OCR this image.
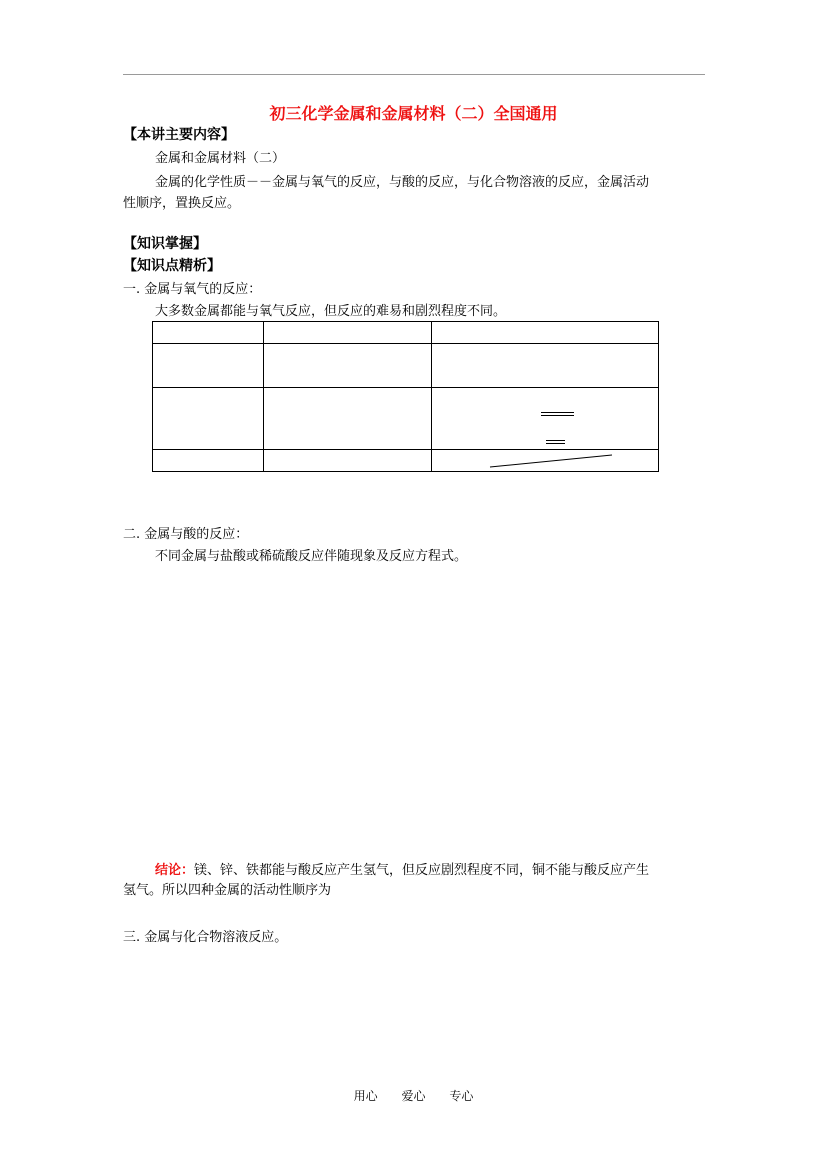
初三化学金属和金属材料（二）全国通用
【本讲主要内容】
金属和金属材料（二）
金属的化学性质－－金属与氧气的反应，与酸的反应，与化合物溶液的反应，金属活动
性顺序，置换反应。
【知识掌握】
【知识点精析】
一. 金属与氧气的反应：
大多数金属都能与氧气反应，但反应的难易和剧烈程度不同。

二. 金属与酸的反应：
不同金属与盐酸或稀硫酸反应伴随现象及反应方程式。
结论：镁、锌、铁都能与酸反应产生氢气，但反应剧烈程度不同，铜不能与酸反应产生
氢气。所以四种金属的活动性顺序为
三. 金属与化合物溶液反应。
用心 爱心 专心
